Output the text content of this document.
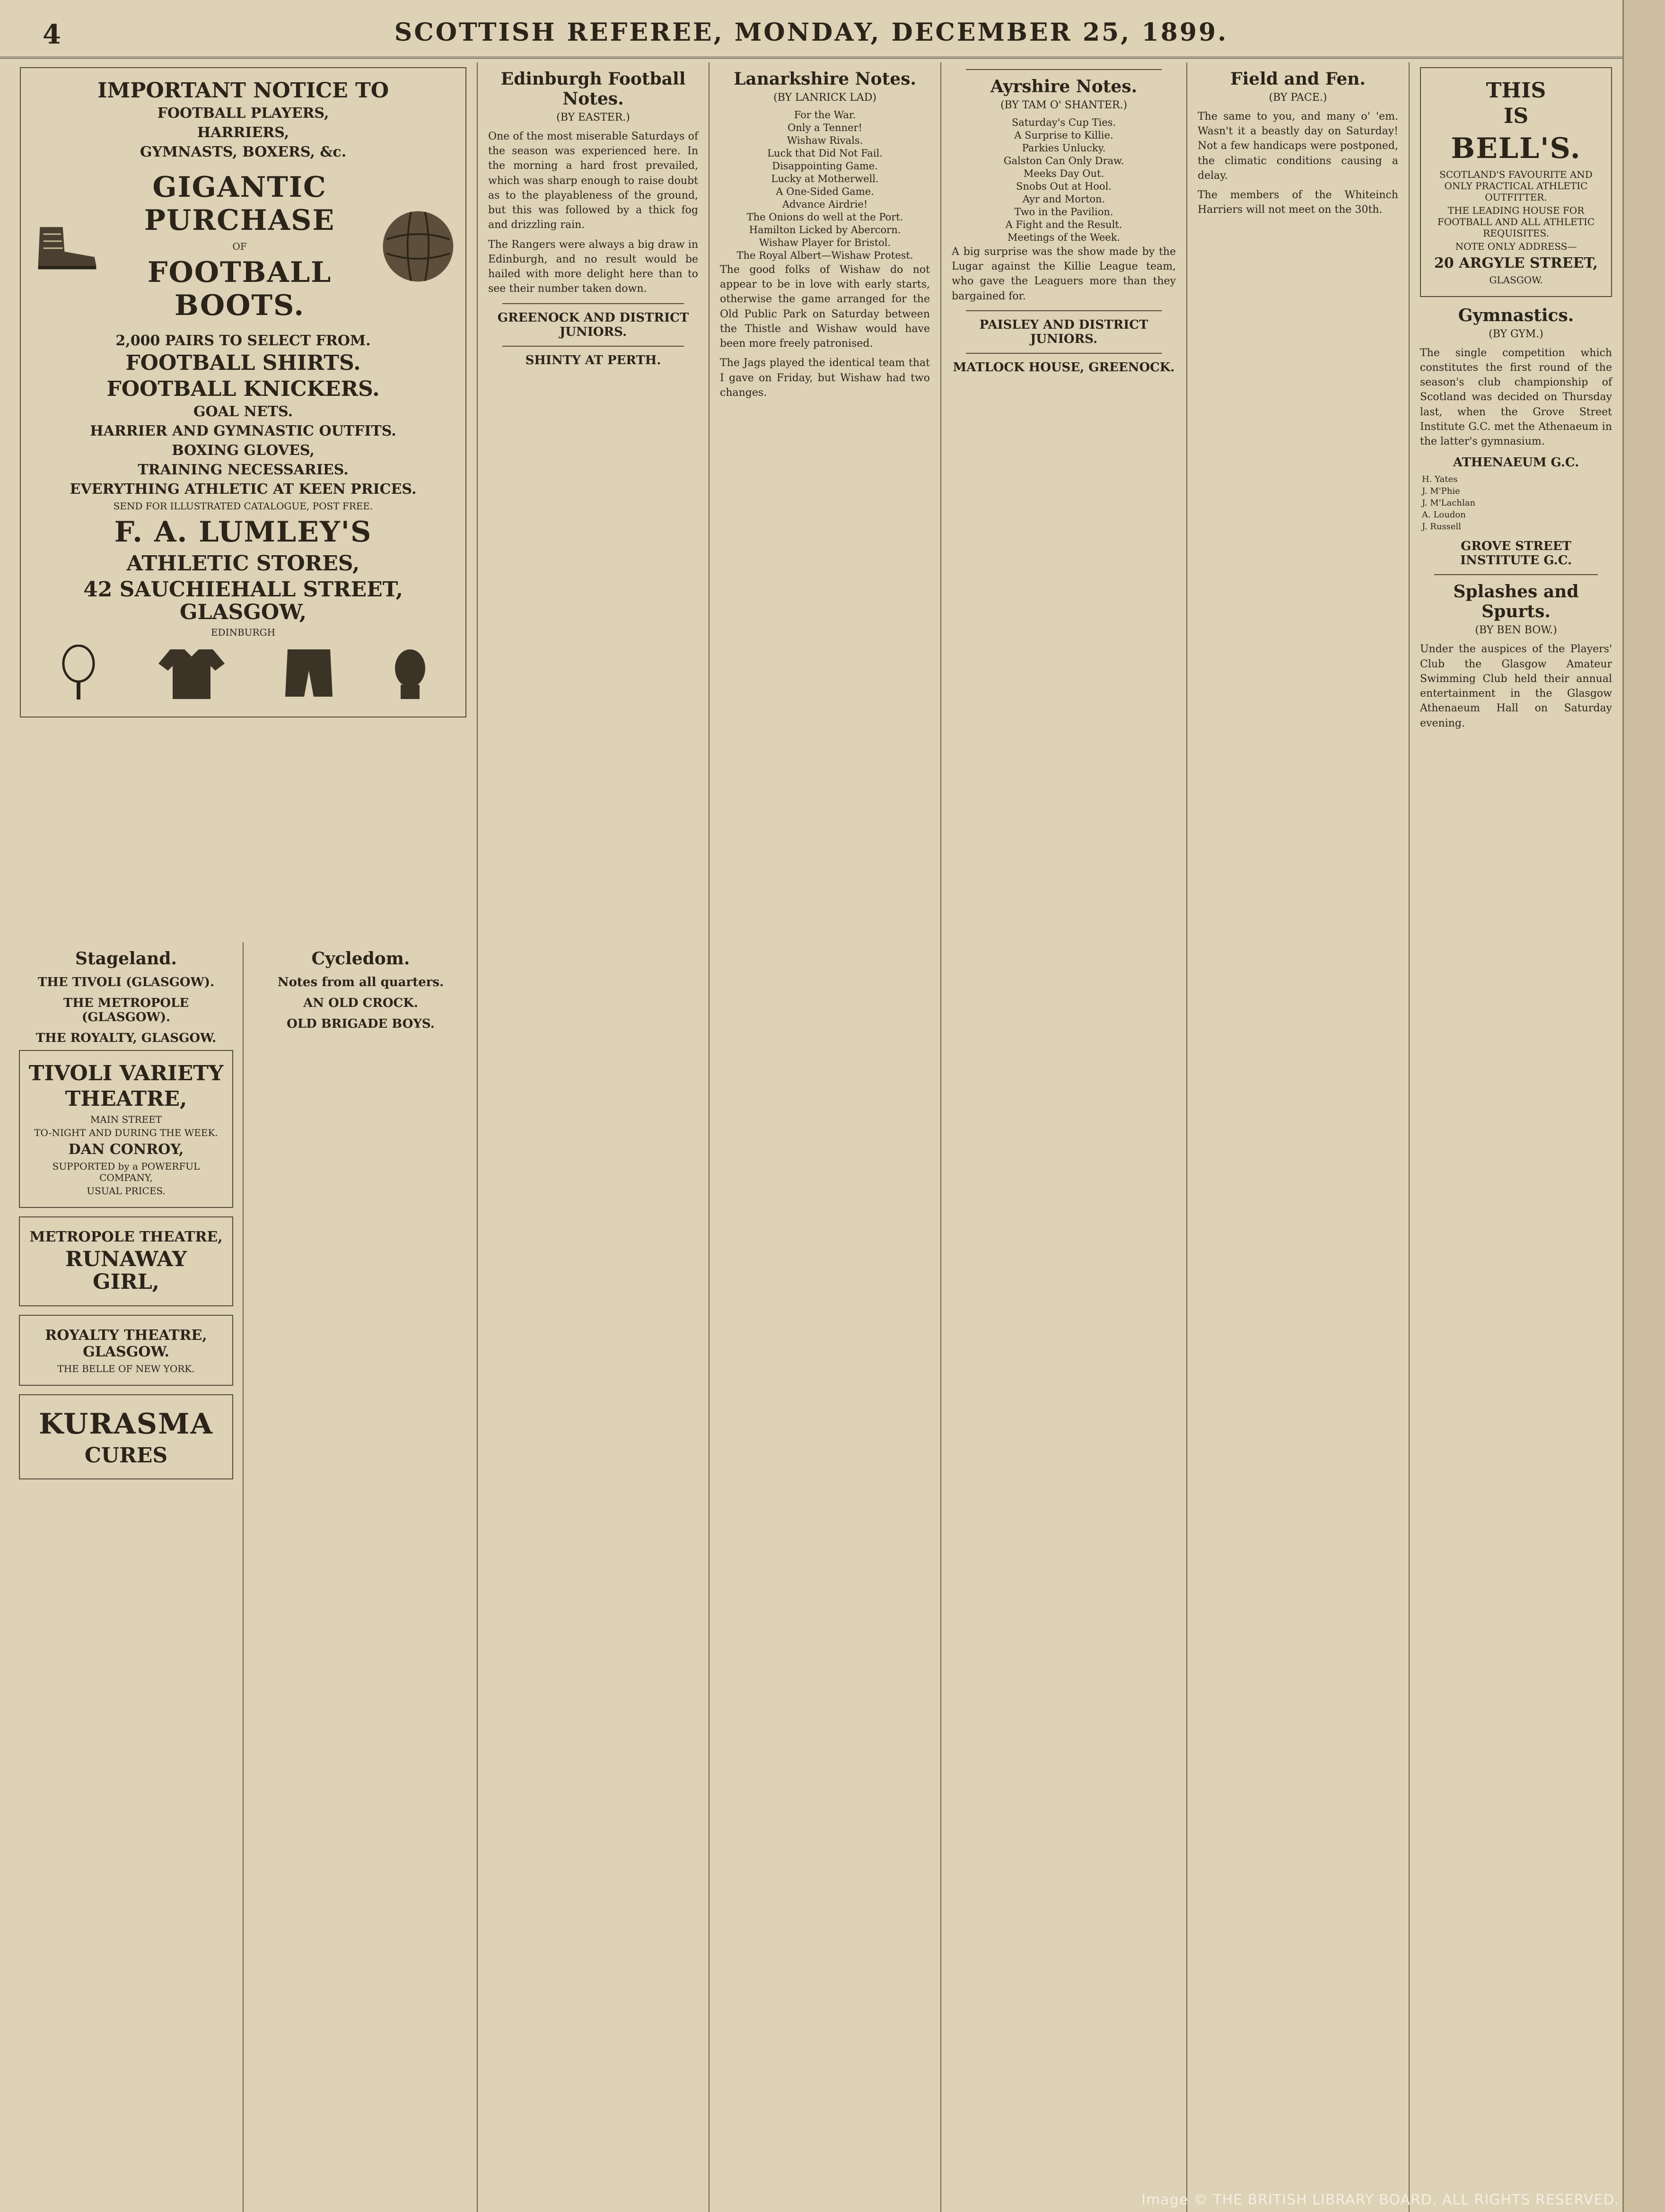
4	SCOTTISH REFEREE, MONDAY, DECEMBER 25, 1899.
IMPORTANT NOTICE TO
FOOTBALL PLAYERS,
HARRIERS,
GYMNASTS, BOXERS, &c.
GIGANTIC PURCHASE
OF
FOOTBALL BOOTS.
2,000 PAIRS TO SELECT FROM.
FOOTBALL SHIRTS.
FOOTBALL KNICKERS.
GOAL NETS.
HARRIER AND GYMNASTIC OUTFITS.
BOXING GLOVES,
TRAINING NECESSARIES.
EVERYTHING ATHLETIC AT KEEN PRICES.
SEND FOR ILLUSTRATED CATALOGUE, POST FREE.
F. A. LUMLEY'S
ATHLETIC STORES,
42 SAUCHIEHALL STREET, GLASGOW,
EDINBURGH
Stageland.
THE TIVOLI (GLASGOW).
THE METROPOLE (GLASGOW).
THE ROYALTY, GLASGOW.
TIVOLI VARIETY
THEATRE,
MAIN STREET
TO-NIGHT AND DURING THE WEEK.
DAN CONROY,
SUPPORTED by a POWERFUL COMPANY,
USUAL PRICES.
METROPOLE THEATRE,
RUNAWAY GIRL,
ROYALTY THEATRE, GLASGOW.
THE BELLE OF NEW YORK.
KURASMA
CURES
Cycledom.
Notes from all quarters.
AN OLD CROCK.
OLD BRIGADE BOYS.
Edinburgh Football Notes.
(BY EASTER.)

One of the most miserable Saturdays of the season was experienced here. In the morning a hard frost prevailed, which was sharp enough to raise doubt as to the playableness of the ground, but this was followed by a thick fog and drizzling rain.

The Rangers were always a big draw in Edinburgh, and no result would be hailed with more delight here than to see their number taken down.

GREENOCK AND DISTRICT JUNIORS.
SHINTY AT PERTH.
Lanarkshire Notes.
(BY LANRICK LAD)
For the War.
Only a Tenner!
Wishaw Rivals.
Luck that Did Not Fail.
Disappointing Game.
Lucky at Motherwell.
A One-Sided Game.
Advance Airdrie!
The Onions do well at the Port.
Hamilton Licked by Abercorn.
Wishaw Player for Bristol.
The Royal Albert—Wishaw Protest.

The good folks of Wishaw do not appear to be in love with early starts, otherwise the game arranged for the Old Public Park on Saturday between the Thistle and Wishaw would have been more freely patronised.

The Jags played the identical team that I gave on Friday, but Wishaw had two changes.

Ayrshire Notes.
(BY TAM O' SHANTER.)
Saturday's Cup Ties.
A Surprise to Killie.
Parkies Unlucky.
Galston Can Only Draw.
Meeks Day Out.
Snobs Out at Hool.
Ayr and Morton.
Two in the Pavilion.
A Fight and the Result.
Meetings of the Week.

A big surprise was the show made by the Lugar against the Killie League team, who gave the Leaguers more than they bargained for.

PAISLEY AND DISTRICT JUNIORS.
MATLOCK HOUSE, GREENOCK.
Field and Fen.
(BY PACE.)

The same to you, and many o' 'em. Wasn't it a beastly day on Saturday! Not a few handicaps were postponed, the climatic conditions causing a delay.

The members of the Whiteinch Harriers will not meet on the 30th.

THIS
IS
BELL'S.
SCOTLAND'S FAVOURITE AND ONLY PRACTICAL ATHLETIC OUTFITTER.
THE LEADING HOUSE FOR FOOTBALL AND ALL ATHLETIC REQUISITES.
NOTE ONLY ADDRESS—
20 ARGYLE STREET,
GLASGOW.
Gymnastics.
(BY GYM.)

The single competition which constitutes the first round of the season's club championship of Scotland was decided on Thursday last, when the Grove Street Institute G.C. met the Athenaeum in the latter's gymnasium.

ATHENAEUM G.C.
H. Yates			
J. M'Phie			
J. M'Lachlan			
A. Loudon			
J. Russell			
GROVE STREET INSTITUTE G.C.
Splashes and Spurts.
(BY BEN BOW.)

Under the auspices of the Players' Club the Glasgow Amateur Swimming Club held their annual entertainment in the Glasgow Athenaeum Hall on Saturday evening.

Image © THE BRITISH LIBRARY BOARD. ALL RIGHTS RESERVED.
